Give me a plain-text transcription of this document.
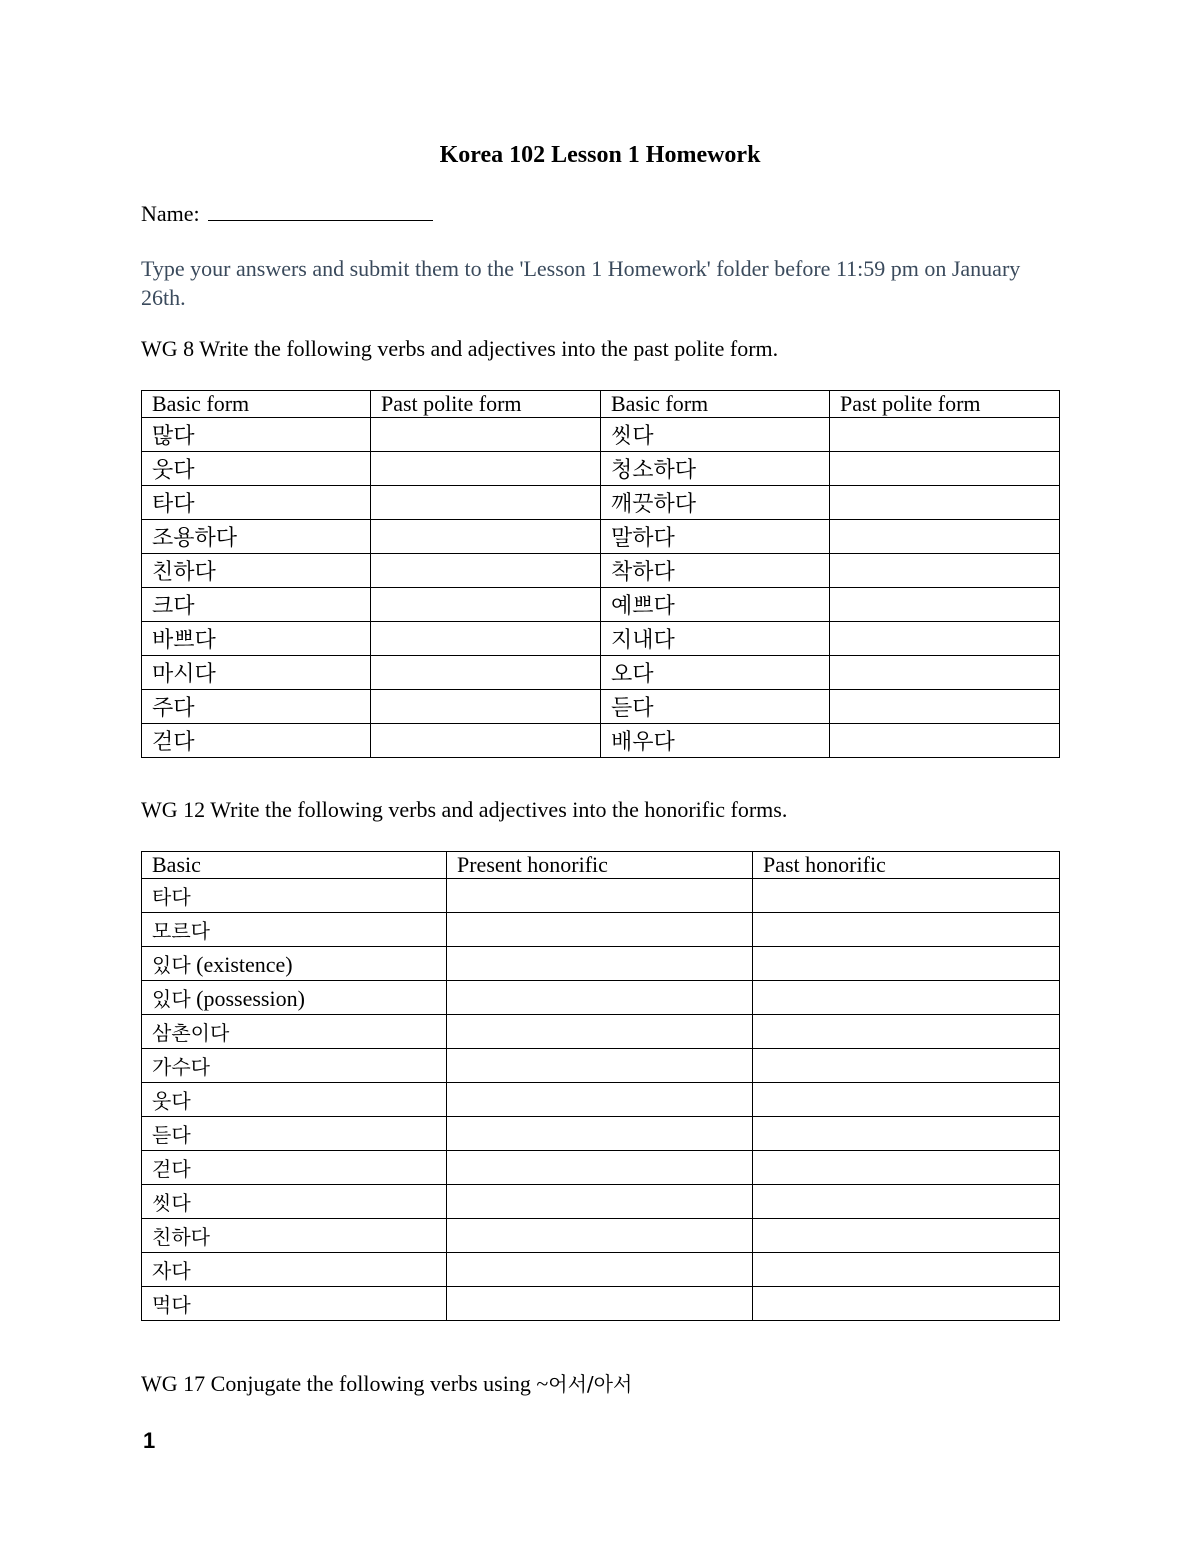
Korea 102 Lesson 1 Homework
Name:
Type your answers and submit them to the 'Lesson 1 Homework' folder before 11:59 pm on January 26th.
WG 8 Write the following verbs and adjectives into the past polite form.
Basic form	Past polite form	Basic form	Past polite form
많다		씻다	
웃다		청소하다	
타다		깨끗하다	
조용하다		말하다	
친하다		착하다	
크다		예쁘다	
바쁘다		지내다	
마시다		오다	
주다		듣다	
걷다		배우다	
WG 12 Write the following verbs and adjectives into the honorific forms.
Basic	Present honorific	Past honorific
타다		
모르다		
있다 (existence)		
있다 (possession)		
삼촌이다		
가수다		
웃다		
듣다		
걷다		
씻다		
친하다		
자다		
먹다		
WG 17 Conjugate the following verbs using ~어서/아서
1
